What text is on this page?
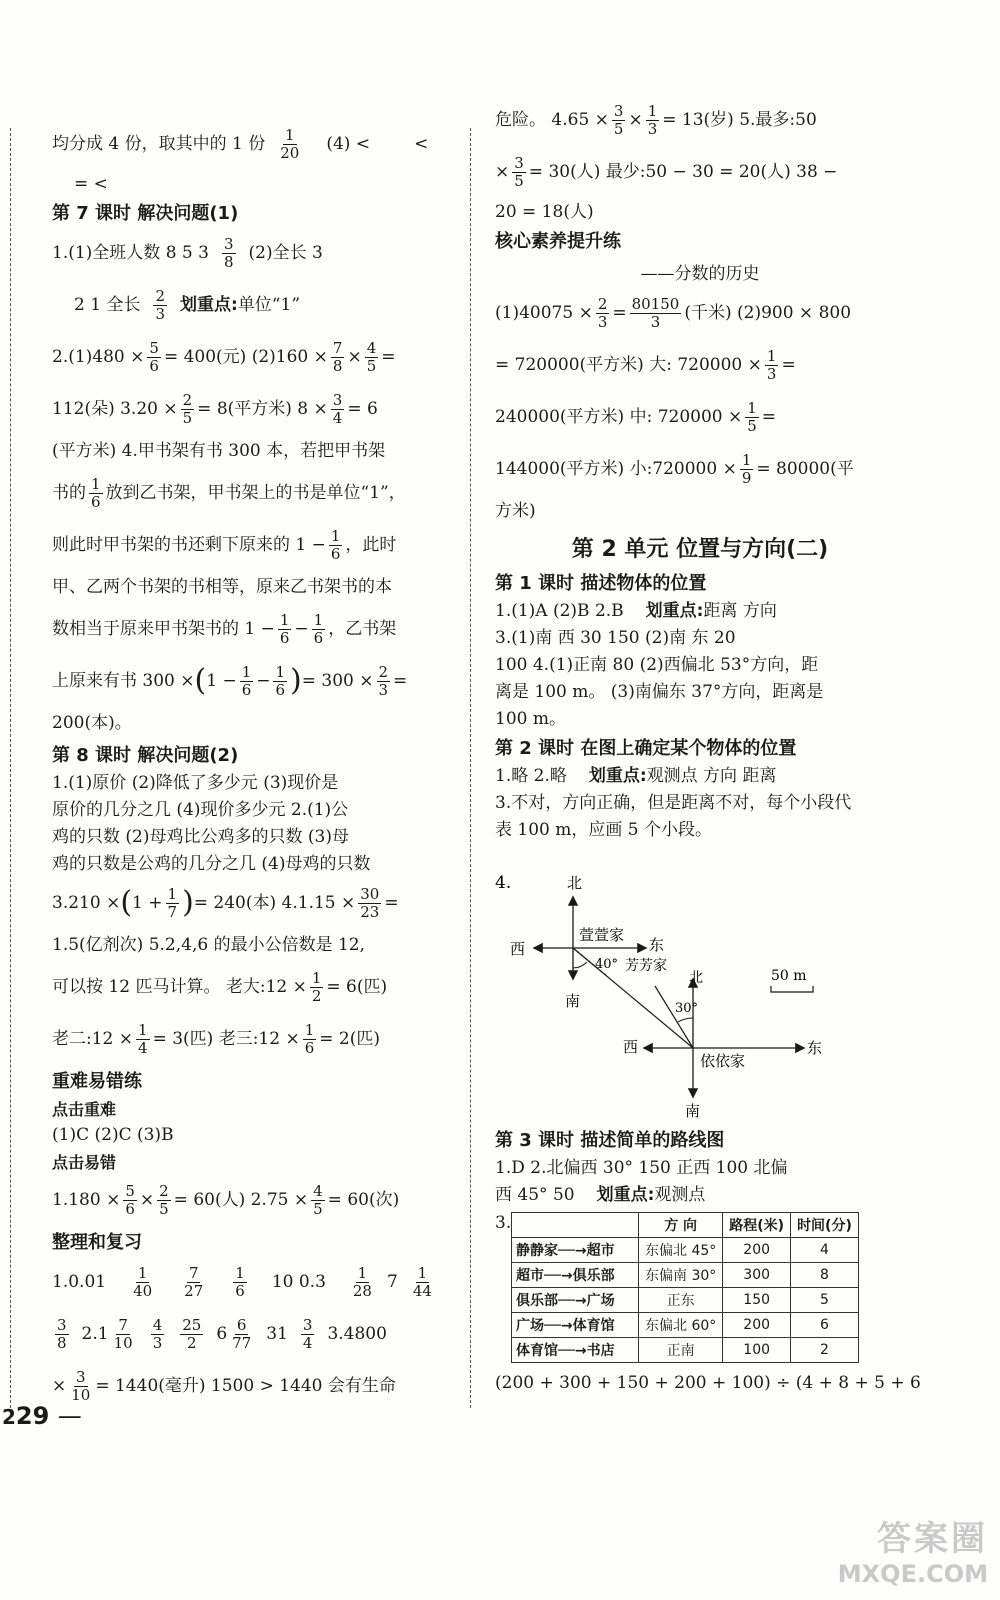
均分成 4 份，取其中的 1 份 $\frac{1}{20} (4)$ <	<
= <
第 7 课时 解决问题(1)
1.(1)全班人数 8 5 $3 \frac{3}{8} (2)$全长 3
2 1 全长 $\frac{2}{3}$ 划重点: 单位“1”
$2.(1)480 \times \frac{5}{6} = 400$(元) $(2)160 \times \frac{7}{8} \times \frac{4}{5}$ =
112(朵) $3.20 \times \frac{2}{5} = 8$(平方米) $8 \times \frac{3}{4} = 6$
(平方米) 4.甲书架有书 300 本，若把甲书架
书的 $\frac{1}{6}$ 放到乙书架，甲书架上的书是单位“1”，
则此时甲书架的书还剩下原来的 $1 - \frac{1}{6}$ ，此时
甲、乙两个书架的书相等，原来乙书架书的本
数相当于原来甲书架书的 $1 - \frac{1}{6} - \frac{1}{6}$ ，乙书架
上原来有书 300 × ( $1 - \frac{1}{6} - \frac{1}{6}$ ) = $300 \times \frac{2}{3}$ =
200(本)。
第 8 课时 解决问题(2)
1.(1)原价 (2)降低了多少元 (3)现价是
原价的几分之几 (4)现价多少元 2.(1)公
鸡的只数 (2)母鸡比公鸡多的只数 (3)母
鸡的只数是公鸡的几分之几 (4)母鸡的只数
3.210 × ( $1 + \frac{1}{7}$ ) = 240(本) $4.1.15 \times \frac{30}{23}$ =
1.5(亿剂次) 5.2,4,6 的最小公倍数是 12,
可以按 12 匹马计算。 老大:12 × $\frac{1}{2} = 6$(匹)
老二:12 × $\frac{1}{4} = 3$(匹) 老三:12 × $\frac{1}{6} = 2$(匹)
重难易错练
点击重难
(1)C (2)C (3)B
点击易错
$1.180 \times \frac{5}{6} \times \frac{2}{5} = 60$(人) $2.75 \times \frac{4}{5} = 60$(次)
整理和复习
$1.0.01 \frac{1}{40} \frac{7}{27} \frac{1}{6} 10$ $0.3 \frac{1}{28} 7 \frac{1}{44}$
$\frac{3}{8} 2.1 \frac{7}{10} \frac{4}{3} \frac{25}{2} 6 \frac{6}{77} 31 \frac{3}{4} 3.4800$
× $\frac{3}{10} = 1440$(毫升) 1500 > 1440 会有生命
危险。 $4.65 \times \frac{3}{5} \times \frac{1}{3} = 13$(岁) 5.最多:50
× $\frac{3}{5} = 30$(人) 最少:50 − 30 = 20(人) 38 −
20 = 18(人)
核心素养提升练
——分数的历史
$(1)40075 \times \frac{2}{3} = \frac{80150}{3}$ (千米) (2)900 × 800
= 720000(平方米) 大: $720000 \times \frac{1}{3}$ =
240000(平方米) 中: $720000 \times \frac{1}{5}$ =
144000(平方米) 小:720000 × $\frac{1}{9} = 80000$(平
方米)
第 2 单元 位置与方向(二)
第 1 课时 描述物体的位置
1.(1)A (2)B 2.B 划重点: 距离 方向
3.(1)南 西 30 150 (2)南 东 20
100 4.(1)正南 80 (2)西偏北 53°方向，距
离是 100 m。 (3)南偏东 37°方向，距离是
100 m。
第 2 课时 在图上确定某个物体的位置
1.略 2.略 划重点: 观测点 方向 距离
3.不对，方向正确，但是距离不对，每个小段代
表 100 m，应画 5 个小段。
4.	北
西	东
南
萱萱家
40° 芳芳家
北
西	东
南
依依家
30°
50 m
第 3 课时 描述简单的路线图
1.D 2.北偏西 30° 150 正西 100 北偏
西 45° 50 划重点: 观测点
3.
		方 向	路程(米)	时间(分)
静静家──→超市	东偏北 45°	200	4
超市──→俱乐部	东偏南 30°	300	8
俱乐部──→广场	正东	150	5
广场──→体育馆	东偏北 60°	200	6
体育馆──→书店	正南	100	2
(200 + 300 + 150 + 200 + 100) ÷ (4 + 8 + 5 + 6
229 —
答案圈
MXQE.COM
